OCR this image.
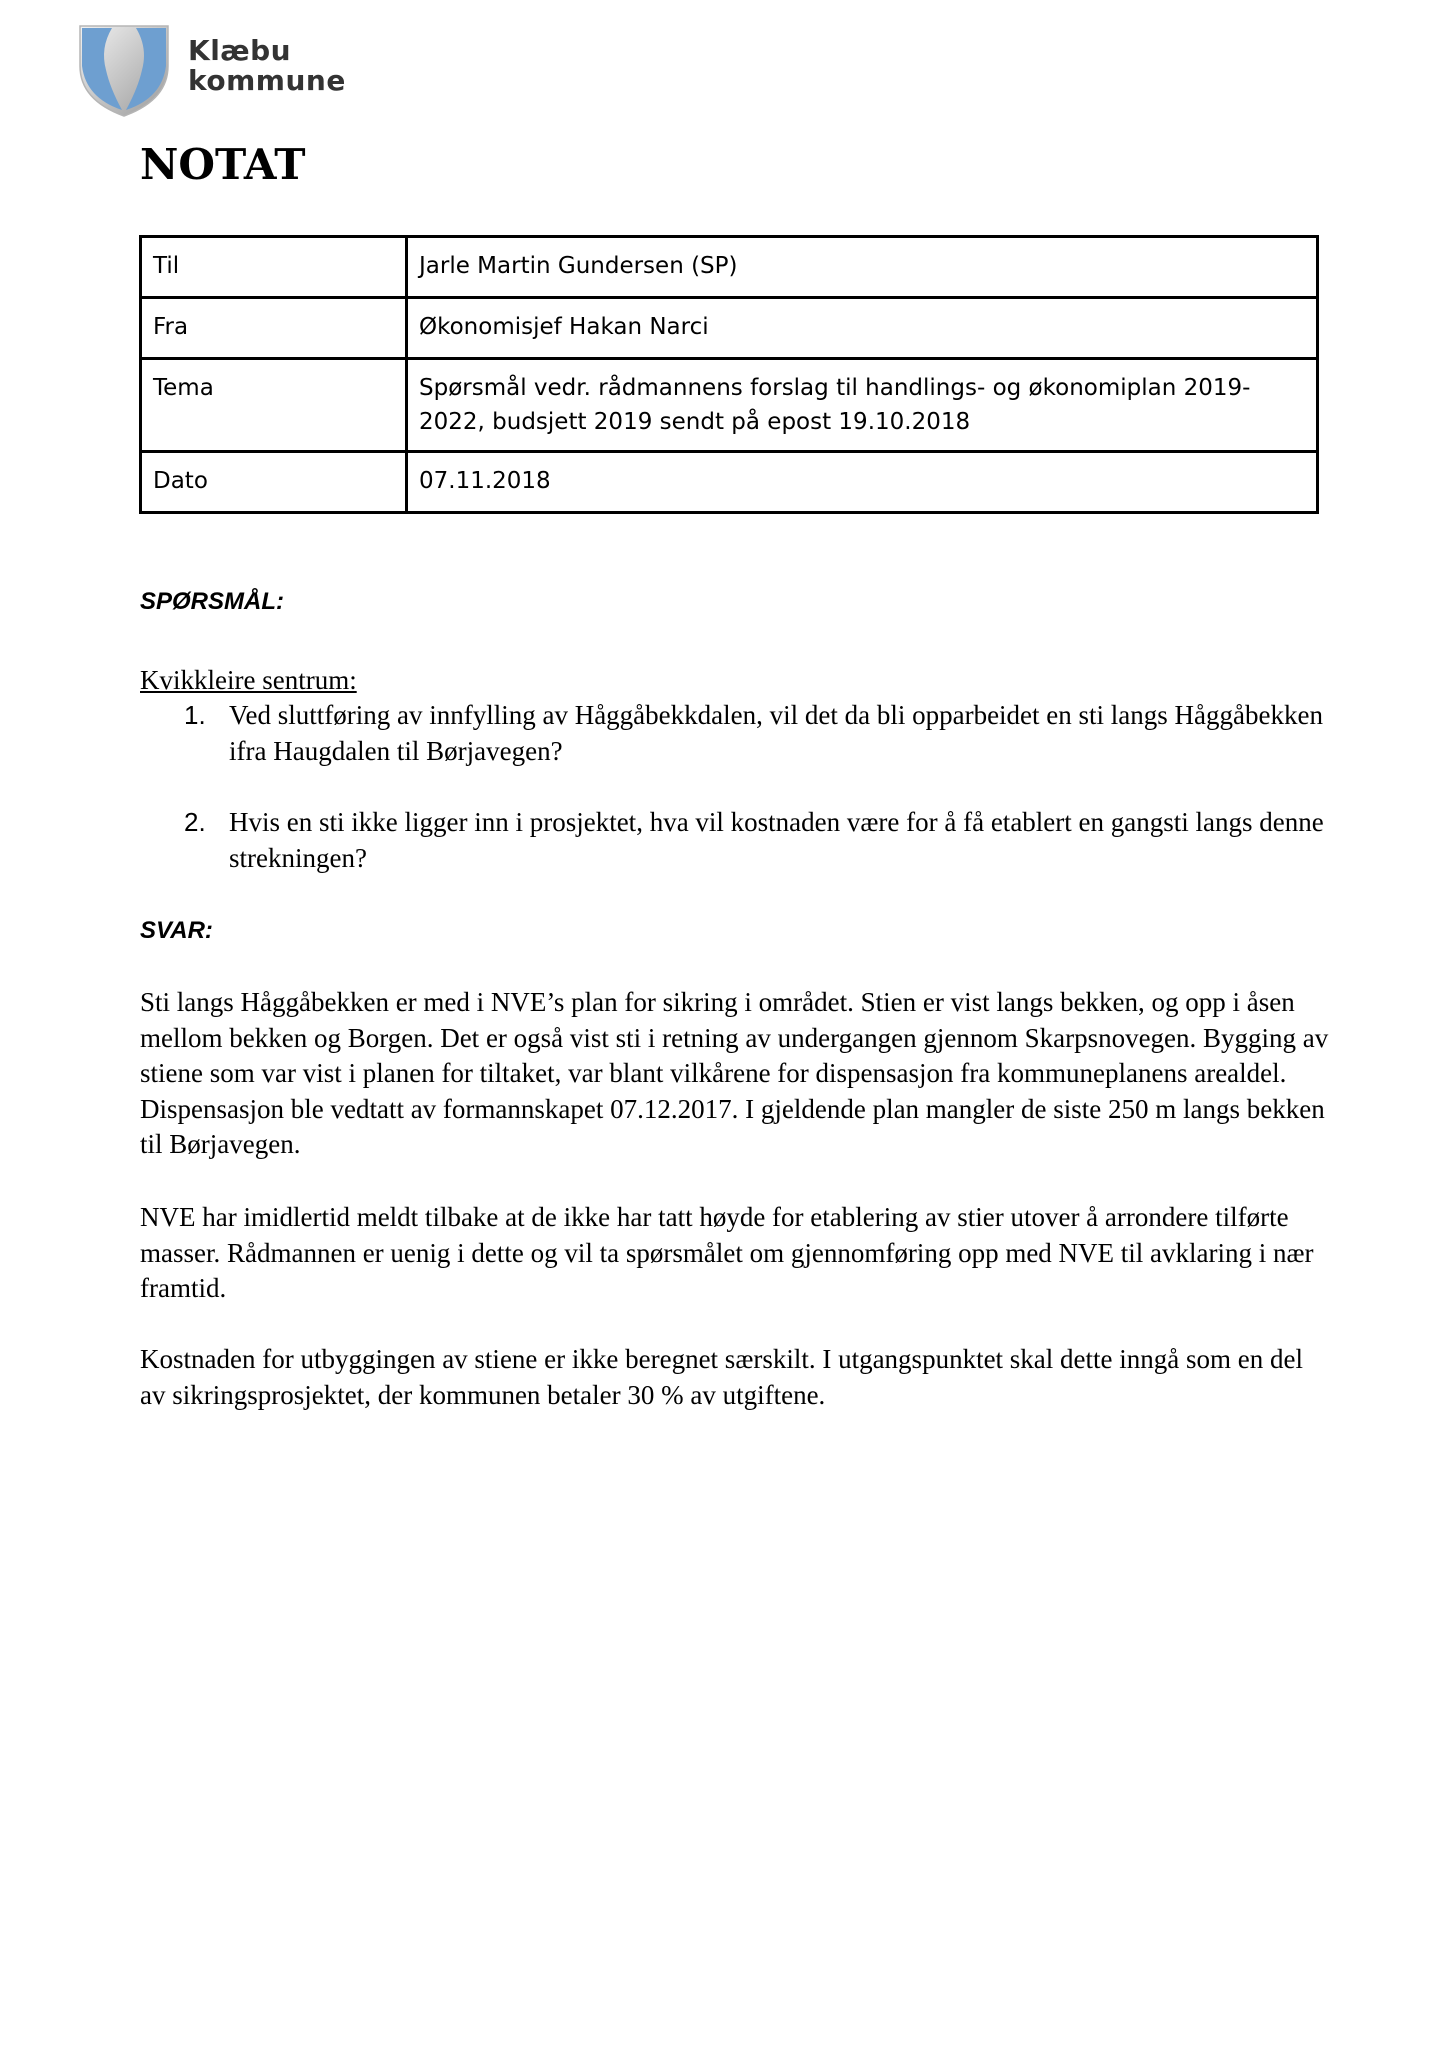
Klæbu
kommune
NOTAT
Til	Jarle Martin Gundersen (SP)
Fra	Økonomisjef Hakan Narci
Tema	Spørsmål vedr. rådmannens forslag til handlings- og økonomiplan 2019-2022, budsjett 2019 sendt på epost 19.10.2018
Dato	07.11.2018
SPØRSMÅL:
Kvikkleire sentrum:
1. Ved sluttføring av innfylling av Håggåbekkdalen, vil det da bli opparbeidet en sti langs Håggåbekken ifra Haugdalen til Børjavegen?
2. Hvis en sti ikke ligger inn i prosjektet, hva vil kostnaden være for å få etablert en gangsti langs denne strekningen?
SVAR:

Sti langs Håggåbekken er med i NVE’s plan for sikring i området. Stien er vist langs bekken, og opp i åsen mellom bekken og Borgen. Det er også vist sti i retning av undergangen gjennom Skarpsnovegen. Bygging av stiene som var vist i planen for tiltaket, var blant vilkårene for dispensasjon fra kommuneplanens arealdel. Dispensasjon ble vedtatt av formannskapet 07.12.2017. I gjeldende plan mangler de siste 250 m langs bekken til Børjavegen.

NVE har imidlertid meldt tilbake at de ikke har tatt høyde for etablering av stier utover å arrondere tilførte masser. Rådmannen er uenig i dette og vil ta spørsmålet om gjennomføring opp med NVE til avklaring i nær framtid.

Kostnaden for utbyggingen av stiene er ikke beregnet særskilt. I utgangspunktet skal dette inngå som en del av sikringsprosjektet, der kommunen betaler 30 % av utgiftene.
